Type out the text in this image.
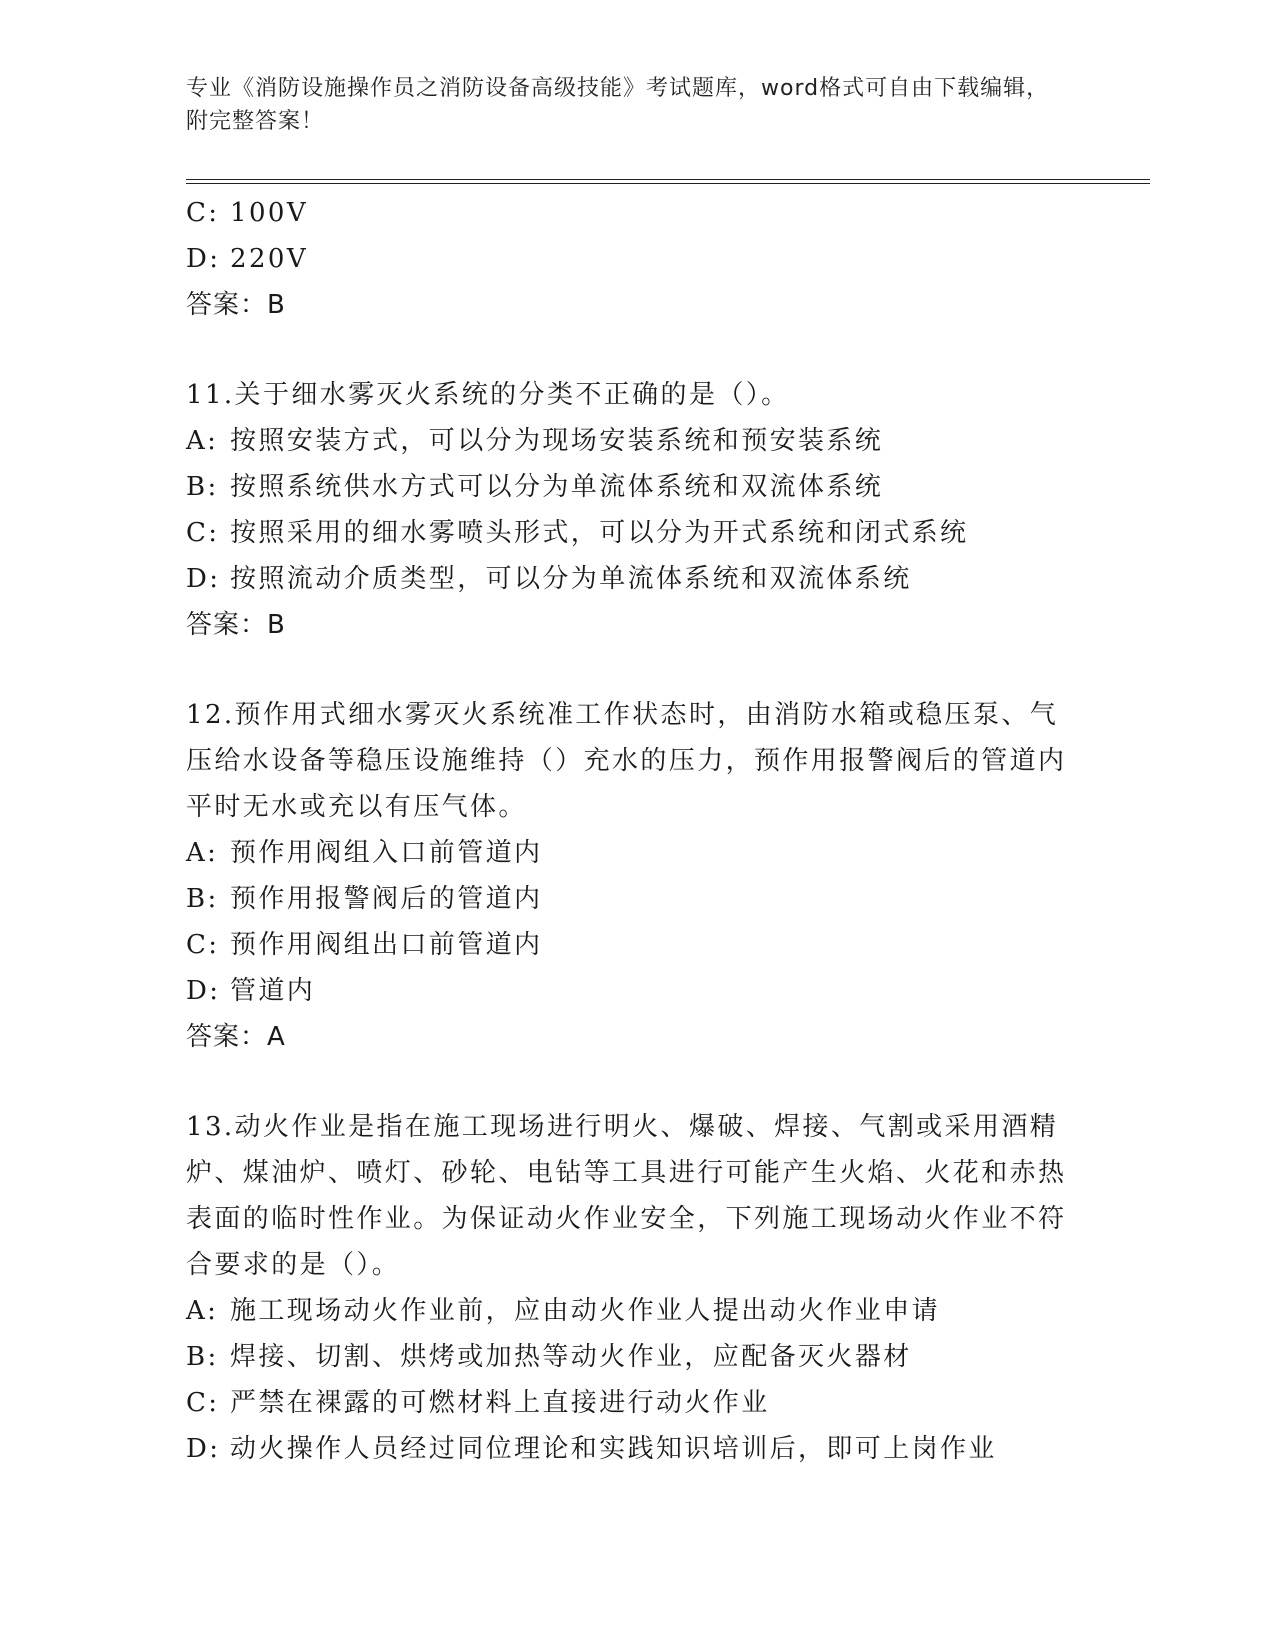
专业《消防设施操作员之消防设备高级技能》考试题库，word格式可自由下载编辑，附完整答案！
C: 100V
D: 220V
答案：B
11.关于细水雾灭火系统的分类不正确的是（）。
A: 按照安装方式，可以分为现场安装系统和预安装系统
B: 按照系统供水方式可以分为单流体系统和双流体系统
C: 按照采用的细水雾喷头形式，可以分为开式系统和闭式系统
D: 按照流动介质类型，可以分为单流体系统和双流体系统
答案：B
12.预作用式细水雾灭火系统准工作状态时，由消防水箱或稳压泵、气压给水设备等稳压设施维持（）充水的压力，预作用报警阀后的管道内平时无水或充以有压气体。
A: 预作用阀组入口前管道内
B: 预作用报警阀后的管道内
C: 预作用阀组出口前管道内
D: 管道内
答案：A
13.动火作业是指在施工现场进行明火、爆破、焊接、气割或采用酒精炉、煤油炉、喷灯、砂轮、电钻等工具进行可能产生火焰、火花和赤热表面的临时性作业。为保证动火作业安全，下列施工现场动火作业不符合要求的是（）。
A: 施工现场动火作业前，应由动火作业人提出动火作业申请
B: 焊接、切割、烘烤或加热等动火作业，应配备灭火器材
C: 严禁在裸露的可燃材料上直接进行动火作业
D: 动火操作人员经过同位理论和实践知识培训后，即可上岗作业
